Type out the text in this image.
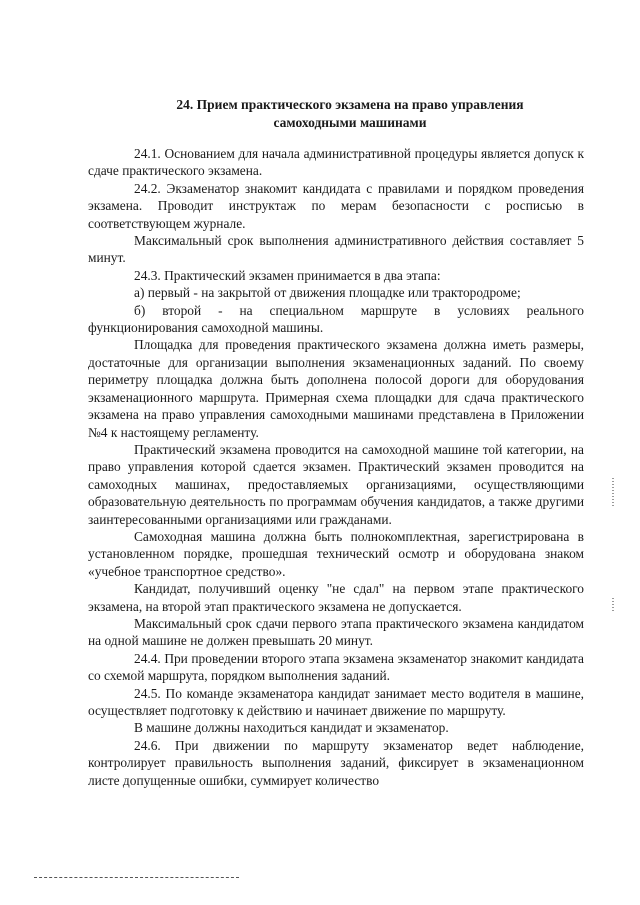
24. Прием практического экзамена на право управления
самоходными машинами

24.1. Основанием для начала административной процедуры является допуск к сдаче практического экзамена.

24.2. Экзаменатор знакомит кандидата с правилами и порядком проведения экзамена. Проводит инструктаж по мерам безопасности с росписью в соответствующем журнале.

Максимальный срок выполнения административного действия составляет 5 минут.

24.3. Практический экзамен принимается в два этапа:

а) первый - на закрытой от движения площадке или трактородроме;

б) второй - на специальном маршруте в условиях реального функционирования самоходной машины.

Площадка для проведения практического экзамена должна иметь размеры, достаточные для организации выполнения экзаменационных заданий. По своему периметру площадка должна быть дополнена полосой дороги для оборудования экзаменационного маршрута. Примерная схема площадки для сдача практического экзамена на право управления самоходными машинами представлена в Приложении №4 к настоящему регламенту.

Практический экзамена проводится на самоходной машине той категории, на право управления которой сдается экзамен. Практический экзамен проводится на самоходных машинах, предоставляемых организациями, осуществляющими образовательную деятельность по программам обучения кандидатов, а также другими заинтересованными организациями или гражданами.

Самоходная машина должна быть полнокомплектная, зарегистрирована в установленном порядке, прошедшая технический осмотр и оборудована знаком «учебное транспортное средство».

Кандидат, получивший оценку "не сдал" на первом этапе практического экзамена, на второй этап практического экзамена не допускается.

Максимальный срок сдачи первого этапа практического экзамена кандидатом на одной машине не должен превышать 20 минут.

24.4. При проведении второго этапа экзамена экзаменатор знакомит кандидата со схемой маршрута, порядком выполнения заданий.

24.5. По команде экзаменатора кандидат занимает место водителя в машине, осуществляет подготовку к действию и начинает движение по маршруту.

В машине должны находиться кандидат и экзаменатор.

24.6. При движении по маршруту экзаменатор ведет наблюдение, контролирует правильность выполнения заданий, фиксирует в экзаменационном листе допущенные ошибки, суммирует количество
